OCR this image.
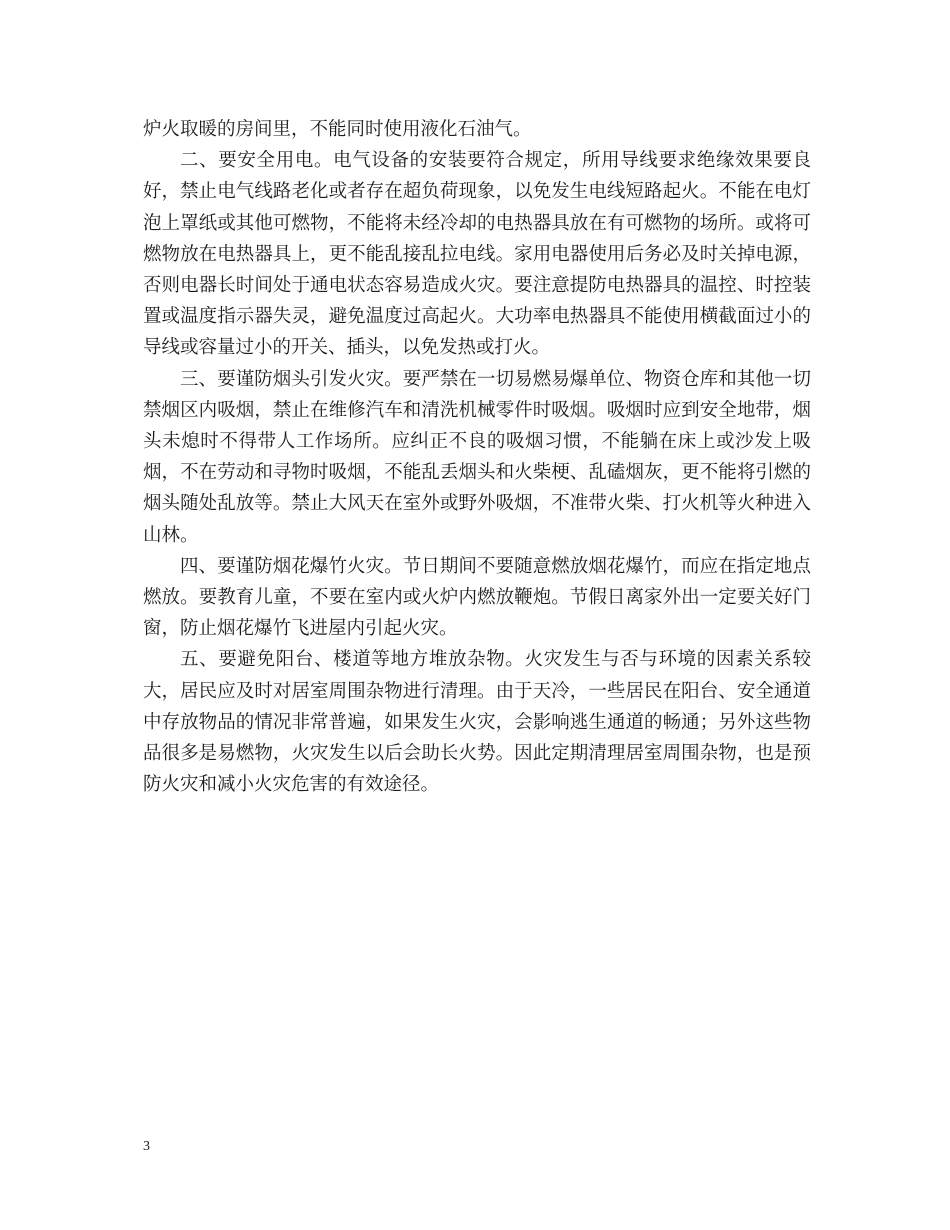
炉火取暖的房间里，不能同时使用液化石油气。

二、要安全用电。电气设备的安装要符合规定，所用导线要求绝缘效果要良好，禁止电气线路老化或者存在超负荷现象，以免发生电线短路起火。不能在电灯泡上罩纸或其他可燃物，不能将未经冷却的电热器具放在有可燃物的场所。或将可燃物放在电热器具上，更不能乱接乱拉电线。家用电器使用后务必及时关掉电源，否则电器长时间处于通电状态容易造成火灾。要注意提防电热器具的温控、时控装置或温度指示器失灵，避免温度过高起火。大功率电热器具不能使用横截面过小的导线或容量过小的开关、插头，以免发热或打火。

三、要谨防烟头引发火灾。要严禁在一切易燃易爆单位、物资仓库和其他一切禁烟区内吸烟，禁止在维修汽车和清洗机械零件时吸烟。吸烟时应到安全地带，烟头未熄时不得带人工作场所。应纠正不良的吸烟习惯，不能躺在床上或沙发上吸烟，不在劳动和寻物时吸烟，不能乱丢烟头和火柴梗、乱磕烟灰，更不能将引燃的烟头随处乱放等。禁止大风天在室外或野外吸烟，不准带火柴、打火机等火种进入山林。

四、要谨防烟花爆竹火灾。节日期间不要随意燃放烟花爆竹，而应在指定地点燃放。要教育儿童，不要在室内或火炉内燃放鞭炮。节假日离家外出一定要关好门窗，防止烟花爆竹飞进屋内引起火灾。

五、要避免阳台、楼道等地方堆放杂物。火灾发生与否与环境的因素关系较大，居民应及时对居室周围杂物进行清理。由于天冷，一些居民在阳台、安全通道中存放物品的情况非常普遍，如果发生火灾，会影响逃生通道的畅通；另外这些物品很多是易燃物，火灾发生以后会助长火势。因此定期清理居室周围杂物，也是预防火灾和减小火灾危害的有效途径。

3
